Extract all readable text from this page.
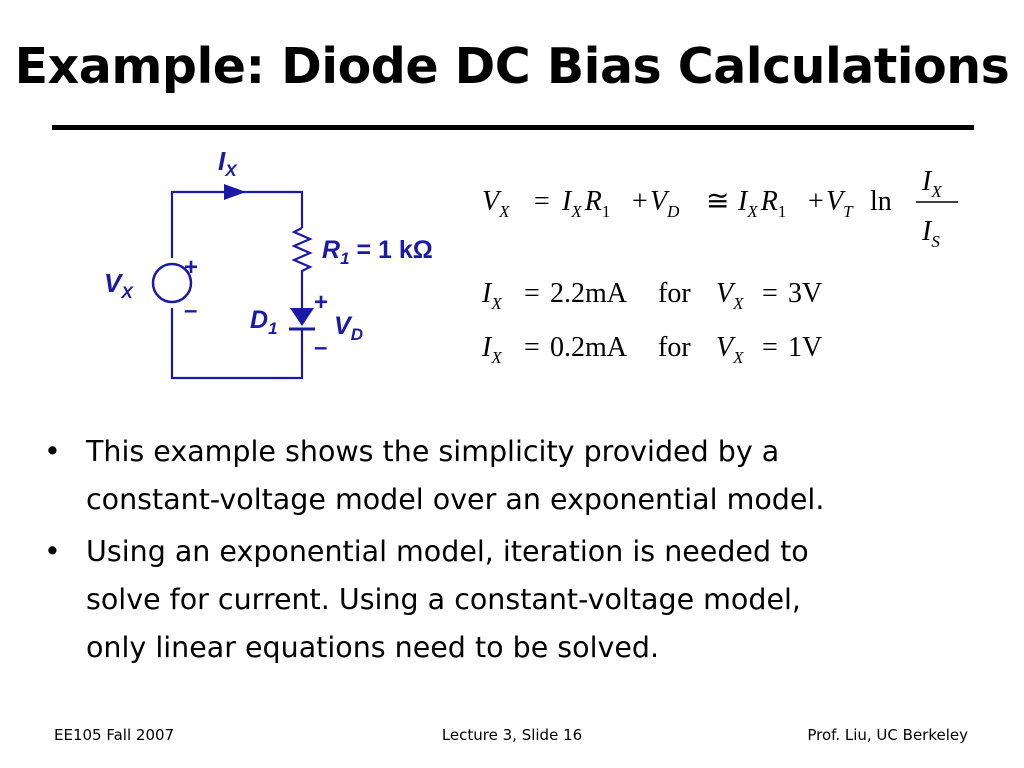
Example: Diode DC Bias Calculations
$I_X$
$V_X$
$R_1 = 1$ kΩ
$D_1$ $V_D$
+
–	+
–
$V_X = I_X$ $R_1 + V_D$ ≅ $I_X$ $R_1 + V_T$ ln
$I_X$
$I_S$
$I_X = 2.2mA$ for $V_X = 3V$
$I_X = 0.2mA$ for $V_X = 1V$
• This example shows the simplicity provided by a
constant-voltage model over an exponential model.
• Using an exponential model, iteration is needed to
solve for current. Using a constant-voltage model,
only linear equations need to be solved.
EE105 Fall 2007	Lecture 3, Slide 16	Prof. Liu, UC Berkeley
